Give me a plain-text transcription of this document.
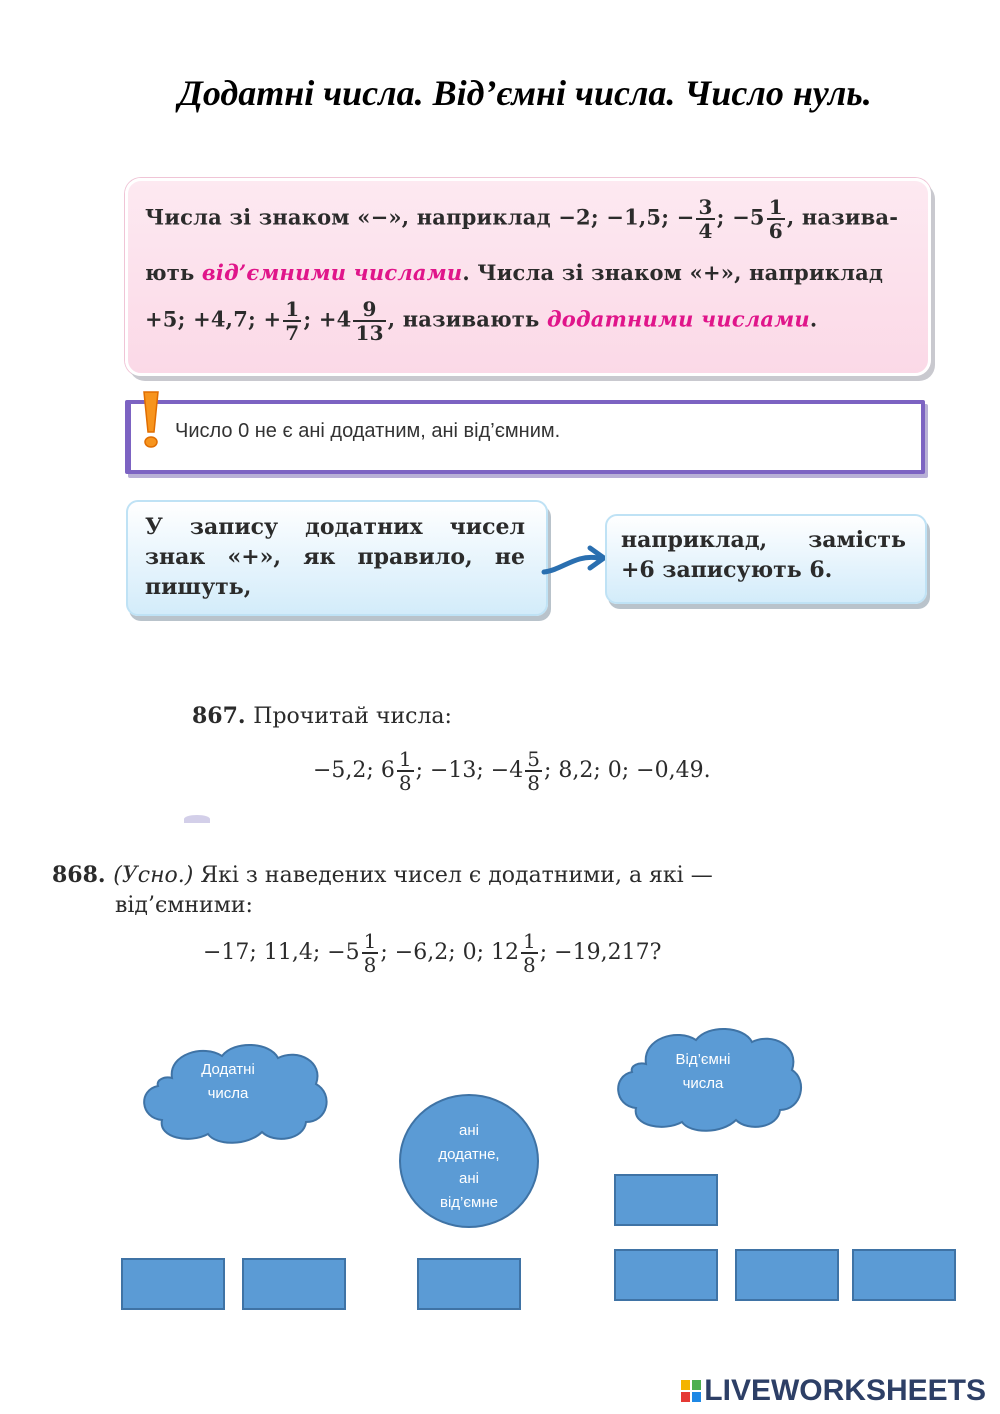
Додатні числа. Від’ємні числа. Число нуль.
Числа зі знаком «−», наприклад −2; −1,5; − $\frac{3}{4}$ ; $-5 \frac{1}{6}$ , назива-
ють від’ємними числами. Числа зі знаком «+», наприклад
+5; +4,7; + $\frac{1}{7}$ ; $+4 \frac{9}{13}$ , називають додатними числами.
Число 0 не є ані додатним, ані від’ємним.
У запису додатних чисел
знак «+», як правило, не
пишуть,
наприклад, замість
+6 записують 6.
867. Прочитай числа:
−5,2; $6 \frac{1}{8}$ ; −13; $-4 \frac{5}{8}$ ; 8,2; 0; −0,49.
868. (Усно.) Які з наведених чисел є додатними, а які —
від’ємними:
−17; 11,4; $-5 \frac{1}{8}$ ; −6,2; 0; $12 \frac{1}{8}$ ; −19,217?
Додатні
числа
Від’ємні
числа
ані
додатне,
ані
від’ємне
LIVEWORKSHEETS
